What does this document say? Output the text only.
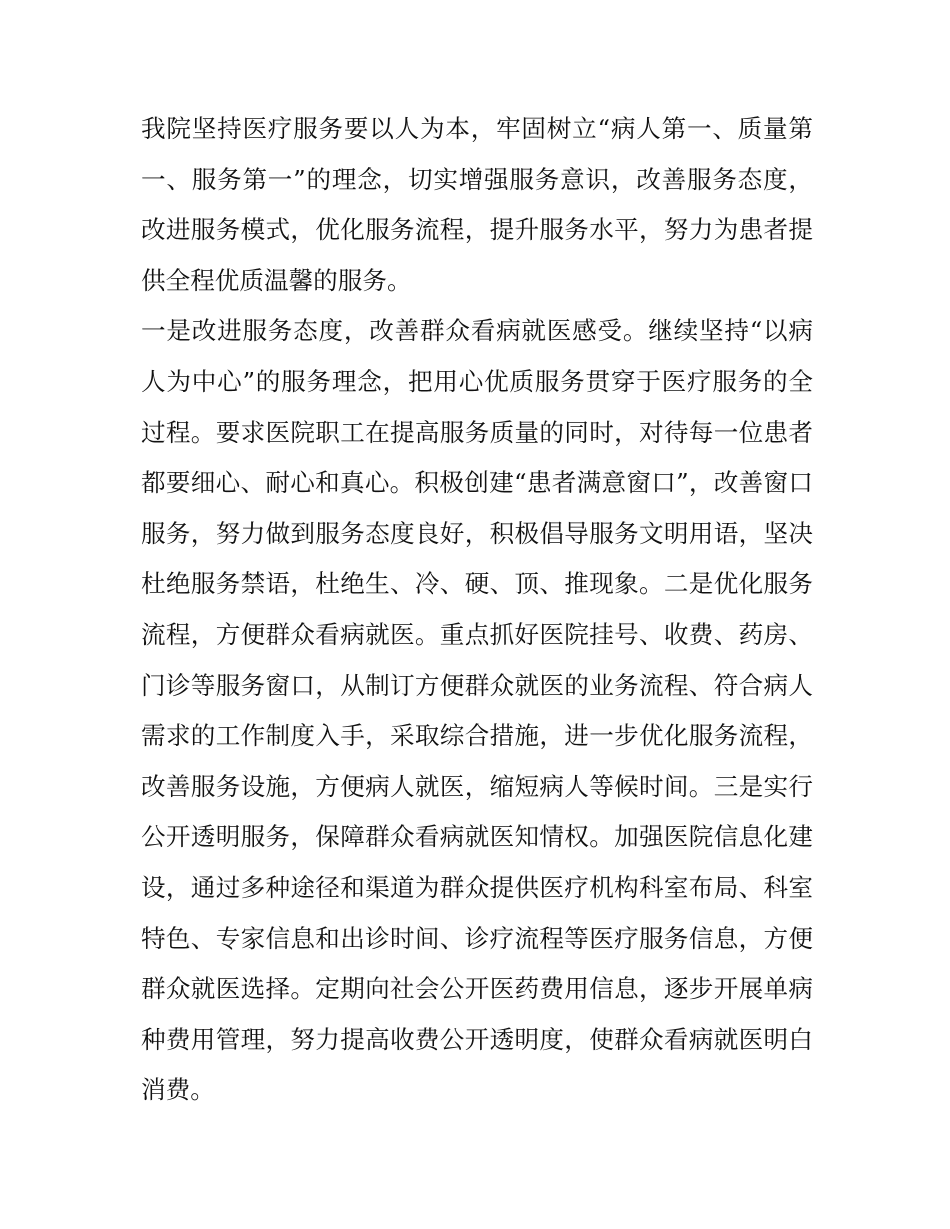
我院坚持医疗服务要以人为本，牢固树立“病人第一、质量第
一、服务第一”的理念，切实增强服务意识，改善服务态度，
改进服务模式，优化服务流程，提升服务水平，努力为患者提
供全程优质温馨的服务。
一是改进服务态度，改善群众看病就医感受。继续坚持“以病
人为中心”的服务理念，把用心优质服务贯穿于医疗服务的全
过程。要求医院职工在提高服务质量的同时，对待每一位患者
都要细心、耐心和真心。积极创建“患者满意窗口”，改善窗口
服务，努力做到服务态度良好，积极倡导服务文明用语，坚决
杜绝服务禁语，杜绝生、冷、硬、顶、推现象。二是优化服务
流程，方便群众看病就医。重点抓好医院挂号、收费、药房、
门诊等服务窗口，从制订方便群众就医的业务流程、符合病人
需求的工作制度入手，采取综合措施，进一步优化服务流程，
改善服务设施，方便病人就医，缩短病人等候时间。三是实行
公开透明服务，保障群众看病就医知情权。加强医院信息化建
设，通过多种途径和渠道为群众提供医疗机构科室布局、科室
特色、专家信息和出诊时间、诊疗流程等医疗服务信息，方便
群众就医选择。定期向社会公开医药费用信息，逐步开展单病
种费用管理，努力提高收费公开透明度，使群众看病就医明白
消费。
